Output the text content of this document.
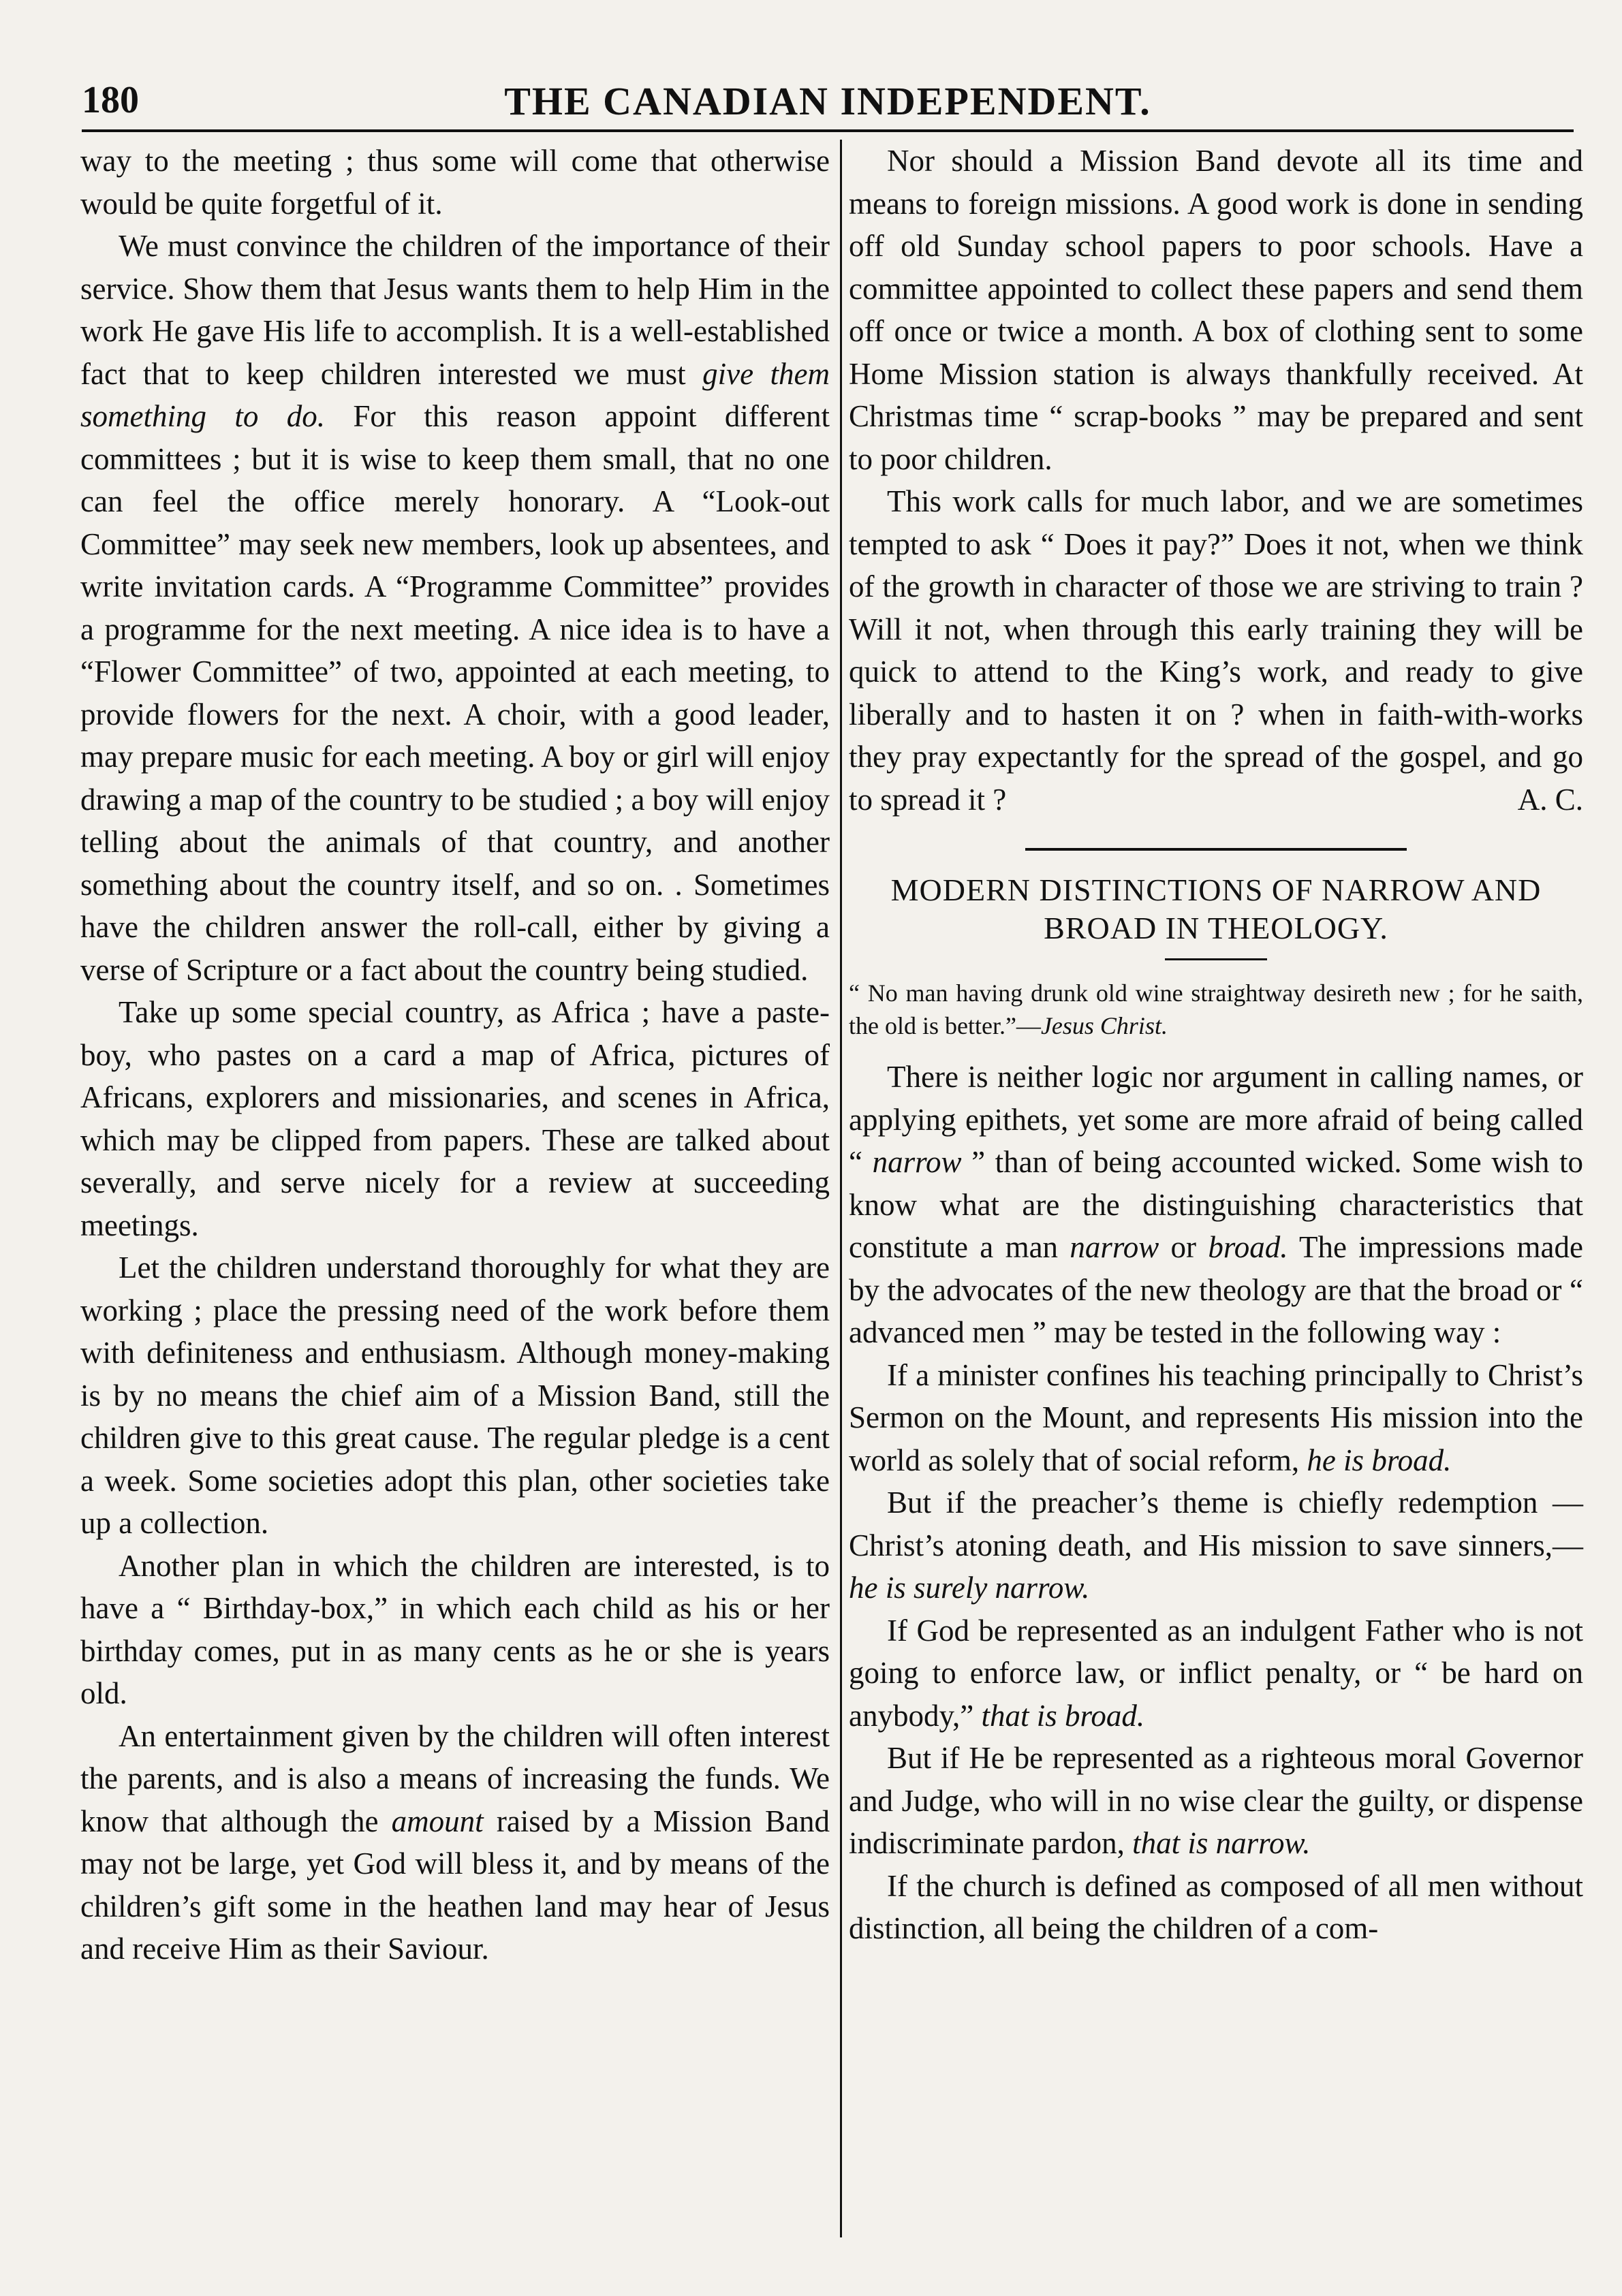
180	THE CANADIAN INDEPENDENT.

way to the meeting ; thus some will come that otherwise would be quite forgetful of it.

We must convince the children of the importance of their service. Show them that Jesus wants them to help Him in the work He gave His life to accomplish. It is a well-established fact that to keep children interested we must give them something to do. For this reason appoint different committees ; but it is wise to keep them small, that no one can feel the office merely honorary. A “Look-out Committee” may seek new members, look up absentees, and write invitation cards. A “Programme Committee” provides a programme for the next meeting. A nice idea is to have a “Flower Committee” of two, appointed at each meeting, to provide flowers for the next. A choir, with a good leader, may prepare music for each meeting. A boy or girl will enjoy drawing a map of the country to be studied ; a boy will enjoy telling about the animals of that country, and another something about the country itself, and so on. . Sometimes have the children answer the roll-call, either by giving a verse of Scripture or a fact about the country being studied.

Take up some special country, as Africa ; have a paste-boy, who pastes on a card a map of Africa, pictures of Africans, explorers and missionaries, and scenes in Africa, which may be clipped from papers. These are talked about severally, and serve nicely for a review at succeeding meetings.

Let the children understand thoroughly for what they are working ; place the pressing need of the work before them with definiteness and enthusiasm. Although money-making is by no means the chief aim of a Mission Band, still the children give to this great cause. The regular pledge is a cent a week. Some societies adopt this plan, other societies take up a collection.

Another plan in which the children are interested, is to have a “ Birthday-box,” in which each child as his or her birthday comes, put in as many cents as he or she is years old.

An entertainment given by the children will often interest the parents, and is also a means of increasing the funds. We know that although the amount raised by a Mission Band may not be large, yet God will bless it, and by means of the children’s gift some in the heathen land may hear of Jesus and receive Him as their Saviour.

Nor should a Mission Band devote all its time and means to foreign missions. A good work is done in sending off old Sunday school papers to poor schools. Have a committee appointed to collect these papers and send them off once or twice a month. A box of clothing sent to some Home Mission station is always thankfully received. At Christmas time “ scrap-books ” may be prepared and sent to poor children.

This work calls for much labor, and we are sometimes tempted to ask “ Does it pay?” Does it not, when we think of the growth in character of those we are striving to train ? Will it not, when through this early training they will be quick to attend to the King’s work, and ready to give liberally and to hasten it on ? when in faith-with-works they pray expectantly for the spread of the gospel, and go to spread it ?	A. C.

MODERN DISTINCTIONS OF NARROW AND BROAD IN THEOLOGY.

“ No man having drunk old wine straightway desireth new ; for he saith, the old is better.”—Jesus Christ.

There is neither logic nor argument in calling names, or applying epithets, yet some are more afraid of being called “ narrow ” than of being accounted wicked. Some wish to know what are the distinguishing characteristics that constitute a man narrow or broad. The impressions made by the advocates of the new theology are that the broad or “ advanced men ” may be tested in the following way :

If a minister confines his teaching principally to Christ’s Sermon on the Mount, and represents His mission into the world as solely that of social reform, he is broad.

But if the preacher’s theme is chiefly redemption —Christ’s atoning death, and His mission to save sinners,—he is surely narrow.

If God be represented as an indulgent Father who is not going to enforce law, or inflict penalty, or “ be hard on anybody,” that is broad.

But if He be represented as a righteous moral Governor and Judge, who will in no wise clear the guilty, or dispense indiscriminate pardon, that is narrow.

If the church is defined as composed of all men without distinction, all being the children of a com-
